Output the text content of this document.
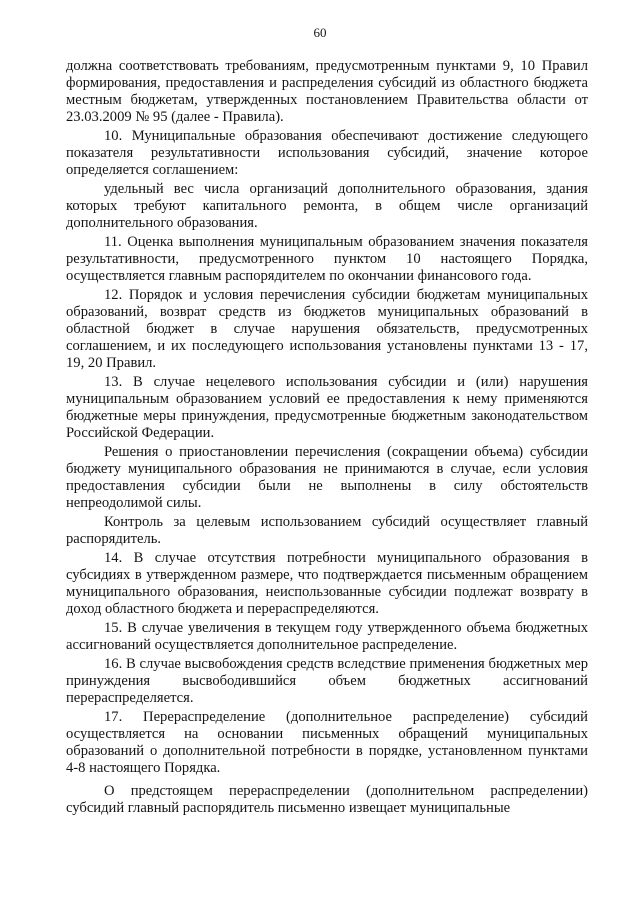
60

должна соответствовать требованиям, предусмотренным пунктами 9, 10 Правил формирования, предоставления и распределения субсидий из областного бюджета местным бюджетам, утвержденных постановлением Правительства области от 23.03.2009 № 95 (далее - Правила).

10. Муниципальные образования обеспечивают достижение следующего показателя результативности использования субсидий, значение которое определяется соглашением:

удельный вес числа организаций дополнительного образования, здания которых требуют капитального ремонта, в общем числе организаций дополнительного образования.

11. Оценка выполнения муниципальным образованием значения показателя результативности, предусмотренного пунктом 10 настоящего Порядка, осуществляется главным распорядителем по окончании финансового года.

12. Порядок и условия перечисления субсидии бюджетам муниципальных образований, возврат средств из бюджетов муниципальных образований в областной бюджет в случае нарушения обязательств, предусмотренных соглашением, и их последующего использования установлены пунктами 13 - 17, 19, 20 Правил.

13. В случае нецелевого использования субсидии и (или) нарушения муниципальным образованием условий ее предоставления к нему применяются бюджетные меры принуждения, предусмотренные бюджетным законодательством Российской Федерации.

Решения о приостановлении перечисления (сокращении объема) субсидии бюджету муниципального образования не принимаются в случае, если условия предоставления субсидии были не выполнены в силу обстоятельств непреодолимой силы.

Контроль за целевым использованием субсидий осуществляет главный распорядитель.

14. В случае отсутствия потребности муниципального образования в субсидиях в утвержденном размере, что подтверждается письменным обращением муниципального образования, неиспользованные субсидии подлежат возврату в доход областного бюджета и перераспределяются.

15. В случае увеличения в текущем году утвержденного объема бюджетных ассигнований осуществляется дополнительное распределение.

16. В случае высвобождения средств вследствие применения бюджетных мер принуждения высвободившийся объем бюджетных ассигнований перераспределяется.

17. Перераспределение (дополнительное распределение) субсидий осуществляется на основании письменных обращений муниципальных образований о дополнительной потребности в порядке, установленном пунктами 4-8 настоящего Порядка.

О предстоящем перераспределении (дополнительном распределении) субсидий главный распорядитель письменно извещает муниципальные
